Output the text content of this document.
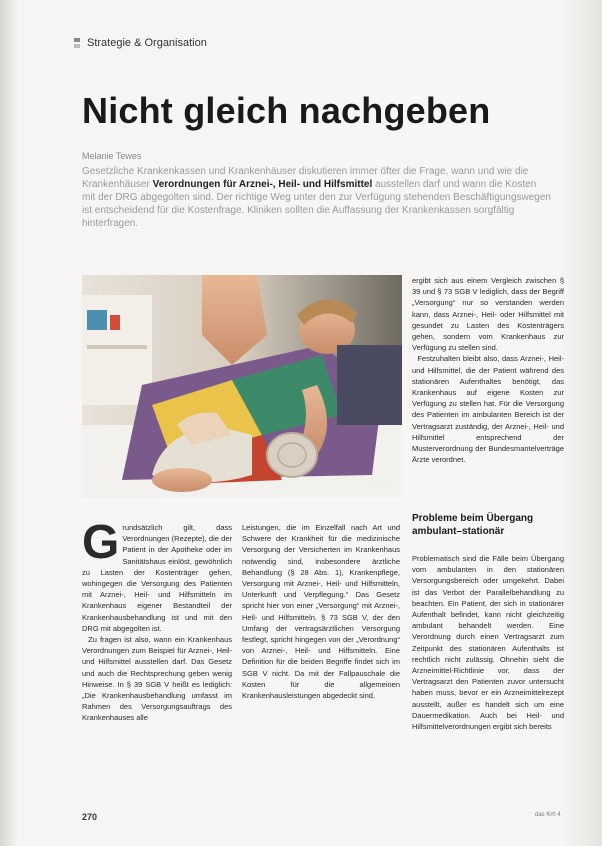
Strategie & Organisation
Nicht gleich nachgeben
Melanie Tewes

Gesetzliche Krankenkassen und Krankenhäuser diskutieren immer öfter die Frage, wann und wie die Krankenhäuser Verordnungen für Arznei-, Heil- und Hilfsmittel ausstellen darf und wann die Kosten mit der DRG abgegolten sind. Der richtige Weg unter den zur Verfügung stehenden Beschäftigungswegen ist entscheidend für die Kostenfrage. Kliniken sollten die Auffassung der Krankenkassen sorgfältig hinterfragen.

Fotolia/bilder

Grundsätzlich gilt, dass Verordnungen (Rezepte), die der Patient in der Apotheke oder im Sanitätshaus einlöst, gewöhnlich zu Lasten der Kostenträger gehen, wohingegen die Versorgung des Patienten mit Arznei-, Heil- und Hilfsmitteln im Krankenhaus eigener Bestandteil der Krankenhausbehandlung ist und mit den DRG mit abgegolten ist.
Zu fragen ist also, wann ein Krankenhaus Verordnungen zum Beispiel für Arznei-, Heil- und Hilfsmittel ausstellen darf. Das Gesetz und auch die Rechtsprechung geben wenig Hinweise. In § 39 SGB V heißt es lediglich: „Die Krankenhausbehandlung umfasst im Rahmen des Versorgungsauftrags des Krankenhauses alle

Leistungen, die im Einzelfall nach Art und Schwere der Krankheit für die medizinische Versorgung der Versicherten im Krankenhaus notwendig sind, insbesondere ärztliche Behandlung (§ 28 Abs. 1), Krankenpflege, Versorgung mit Arznei-, Heil- und Hilfsmitteln, Unterkunft und Verpflegung.“ Das Gesetz spricht hier von einer „Versorgung“ mit Arznei-, Heil- und Hilfsmitteln. § 73 SGB V, der den Umfang der vertragsärztlichen Versorgung festlegt, spricht hingegen von der „Verordnung“ von Arznei-, Heil- und Hilfsmitteln. Eine Definition für die beiden Begriffe findet sich im SGB V nicht. Da mit der Fallpauschale die Kosten für die allgemeinen Krankenhausleistungen abgedeckt sind,

ergibt sich aus einem Vergleich zwischen § 39 und § 73 SGB V lediglich, dass der Begriff „Versorgung“ nur so verstanden werden kann, dass Arznei-, Heil- oder Hilfsmittel mit gesundet zu Lasten des Kostenträgers gehen, sondern vom Krankenhaus zur Verfügung zu stellen sind.
Festzuhalten bleibt also, dass Arznei-, Heil- und Hilfsmittel, die der Patient während des stationären Aufenthaltes benötigt, das Krankenhaus auf eigene Kosten zur Verfügung zu stellen hat. Für die Versorgung des Patienten im ambulanten Bereich ist der Vertragsarzt zuständig, der Arznei-, Heil- und Hilfsmittel entsprechend der Musterverordnung der Bundesmantelverträge Ärzte verordnet.

Probleme beim Übergang ambulant–stationär

Problematisch sind die Fälle beim Übergang vom ambulanten in den stationären Versorgungsbereich oder umgekehrt. Dabei ist das Verbot der Parallelbehandlung zu beachten. Ein Patient, der sich in stationärer Aufenthalt befindet, kann nicht gleichzeitig ambulant behandelt werden. Eine Verordnung durch einen Vertragsarzt zum Zeitpunkt des stationären Aufenthalts ist rechtlich nicht zulässig. Ohnehin sieht die Arzneimittel-Richtlinie vor, dass der Vertragsarzt den Patienten zuvor untersucht haben muss, bevor er ein Arzneimittelrezept ausstellt, außer es handelt sich um eine Dauermedikation. Auch bei Heil- und Hilfsmittelverordnungen ergibt sich bereits

270	das Krh 4
